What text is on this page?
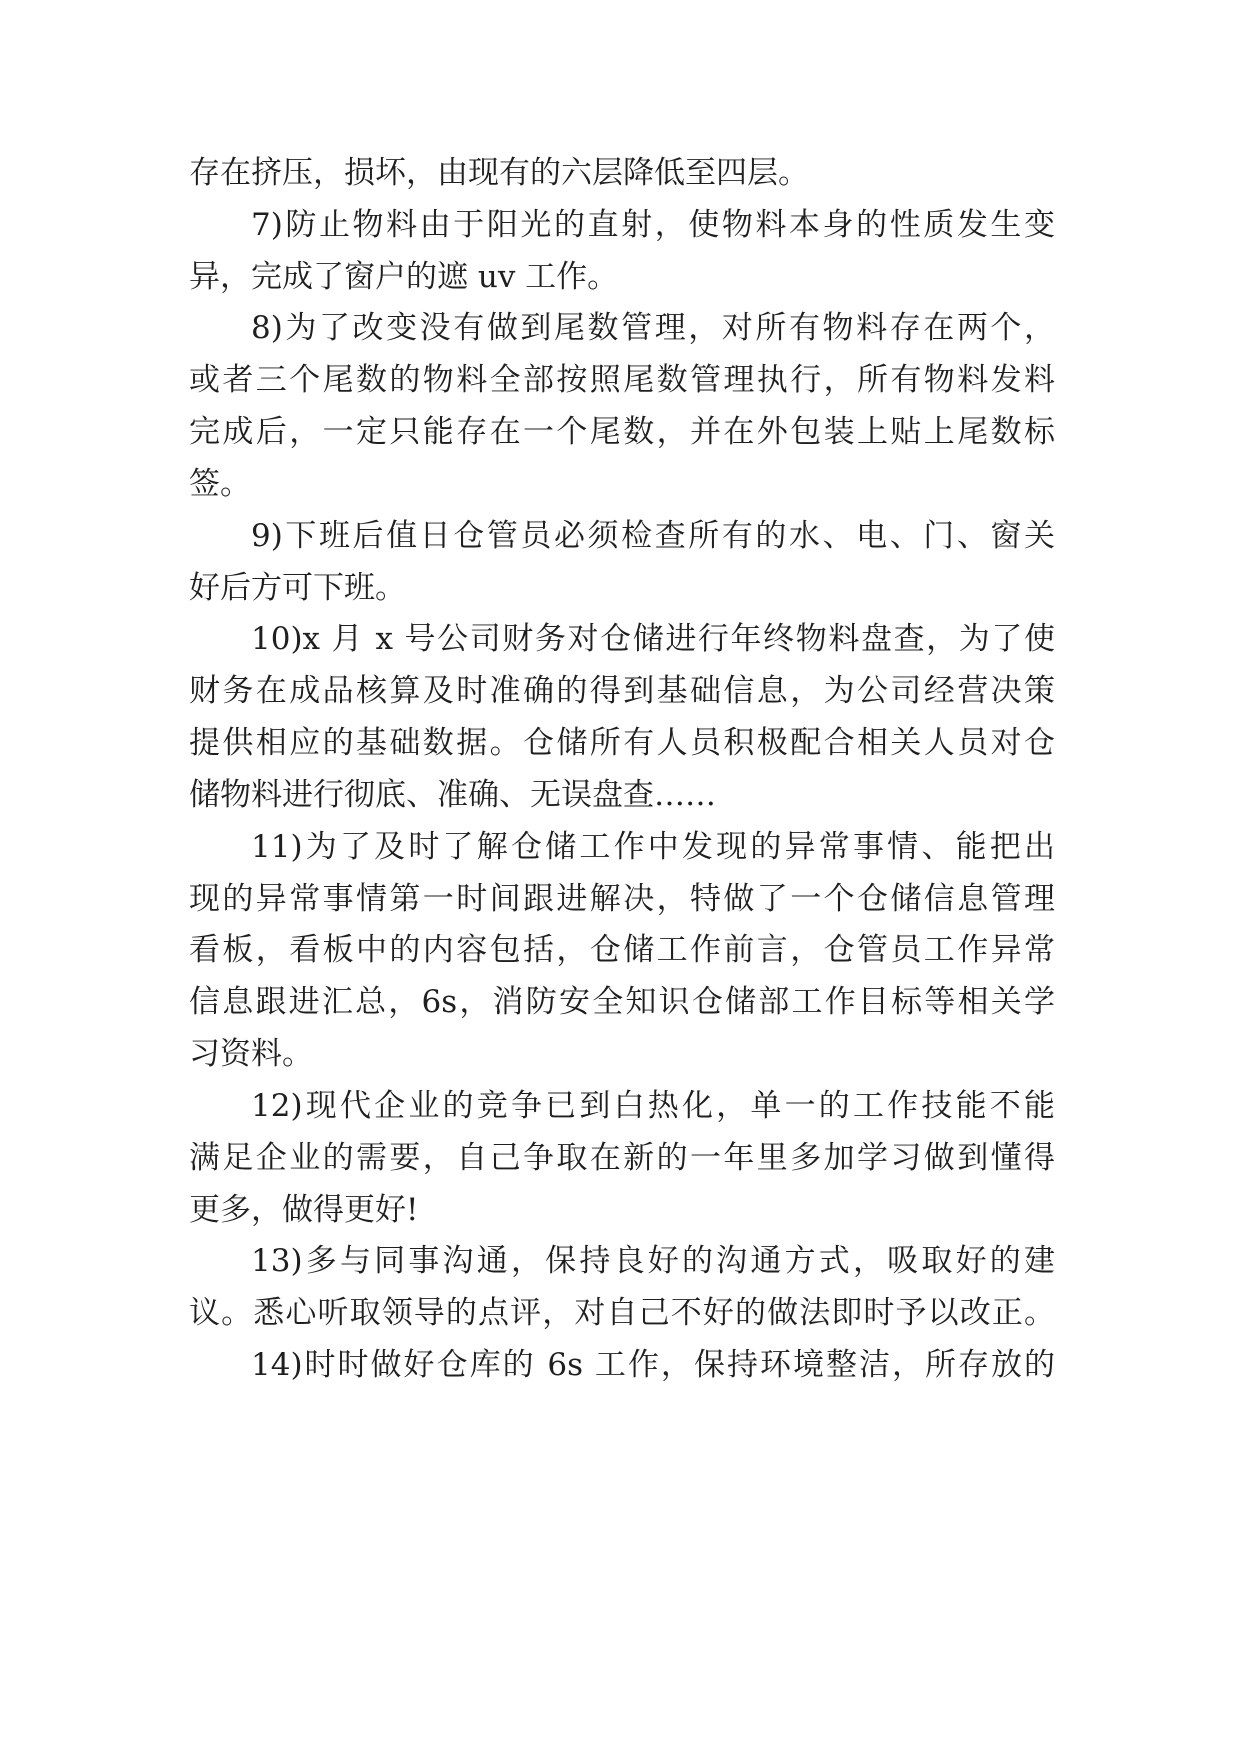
存在挤压，损坏，由现有的六层降低至四层。
7)防止物料由于阳光的直射，使物料本身的性质发生变
异，完成了窗户的遮 uv 工作。
8)为了改变没有做到尾数管理，对所有物料存在两个，
或者三个尾数的物料全部按照尾数管理执行，所有物料发料
完成后，一定只能存在一个尾数，并在外包装上贴上尾数标
签。
9)下班后值日仓管员必须检查所有的水、电、门、窗关
好后方可下班。
10)x 月 x 号公司财务对仓储进行年终物料盘查，为了使
财务在成品核算及时准确的得到基础信息，为公司经营决策
提供相应的基础数据。仓储所有人员积极配合相关人员对仓
储物料进行彻底、准确、无误盘查……
11)为了及时了解仓储工作中发现的异常事情、能把出
现的异常事情第一时间跟进解决，特做了一个仓储信息管理
看板，看板中的内容包括，仓储工作前言，仓管员工作异常
信息跟进汇总，6s，消防安全知识仓储部工作目标等相关学
习资料。
12)现代企业的竞争已到白热化，单一的工作技能不能
满足企业的需要，自己争取在新的一年里多加学习做到懂得
更多，做得更好!
13)多与同事沟通，保持良好的沟通方式，吸取好的建
议。悉心听取领导的点评，对自己不好的做法即时予以改正。
14)时时做好仓库的 6s 工作，保持环境整洁，所存放的
